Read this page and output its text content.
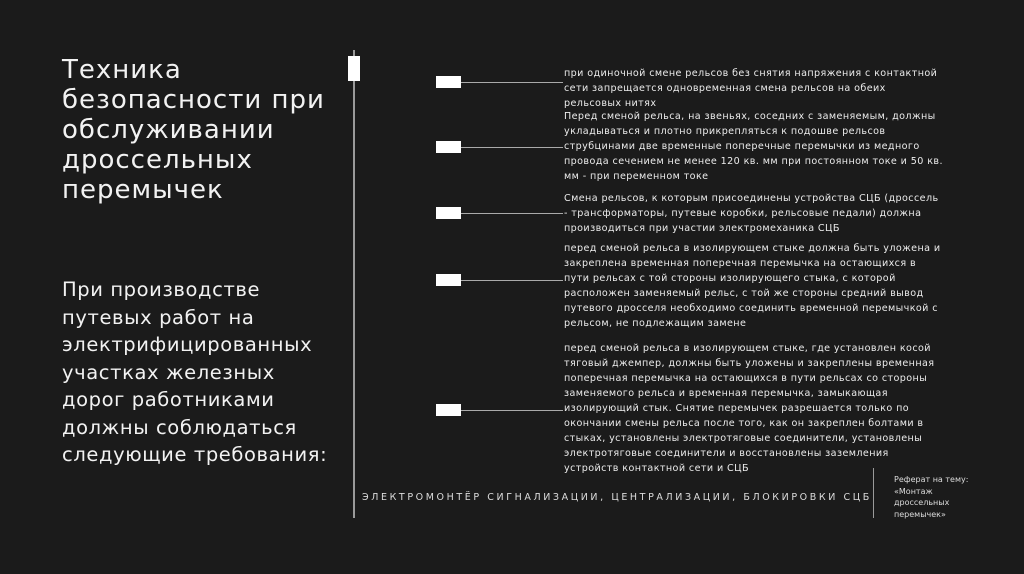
Техника
безопасности при
обслуживании
дроссельных
перемычек
При производстве
путевых работ на
электрифицированных
участках железных
дорог работниками
должны соблюдаться
следующие требования:
при одиночной смене рельсов без снятия напряжения с контактной сети запрещается одновременная смена рельсов на обеих рельсовых нитях
Перед сменой рельса, на звеньях, соседних с заменяемым, должны укладываться и плотно прикрепляться к подошве рельсов струбцинами две временные поперечные перемычки из медного провода сечением не менее 120 кв. мм при постоянном токе и 50 кв. мм - при переменном токе
Смена рельсов, к которым присоединены устройства СЦБ (дроссель - трансформаторы, путевые коробки, рельсовые педали) должна производиться при участии электромеханика СЦБ
перед сменой рельса в изолирующем стыке должна быть уложена и закреплена временная поперечная перемычка на остающихся в пути рельсах с той стороны изолирующего стыка, с которой расположен заменяемый рельс, с той же стороны средний вывод путевого дросселя необходимо соединить временной перемычкой с рельсом, не подлежащим замене
перед сменой рельса в изолирующем стыке, где установлен косой тяговый джемпер, должны быть уложены и закреплены временная поперечная перемычка на остающихся в пути рельсах со стороны заменяемого рельса и временная перемычка, замыкающая изолирующий стык. Снятие перемычек разрешается только по окончании смены рельса после того, как он закреплен болтами в стыках, установлены электротяговые соединители, установлены электротяговые соединители и восстановлены заземления устройств контактной сети и СЦБ
ЭЛЕКТРОМОНТЁР СИГНАЛИЗАЦИИ, ЦЕНТРАЛИЗАЦИИ, БЛОКИРОВКИ СЦБ
Реферат на тему:
«Монтаж
дроссельных
перемычек»
